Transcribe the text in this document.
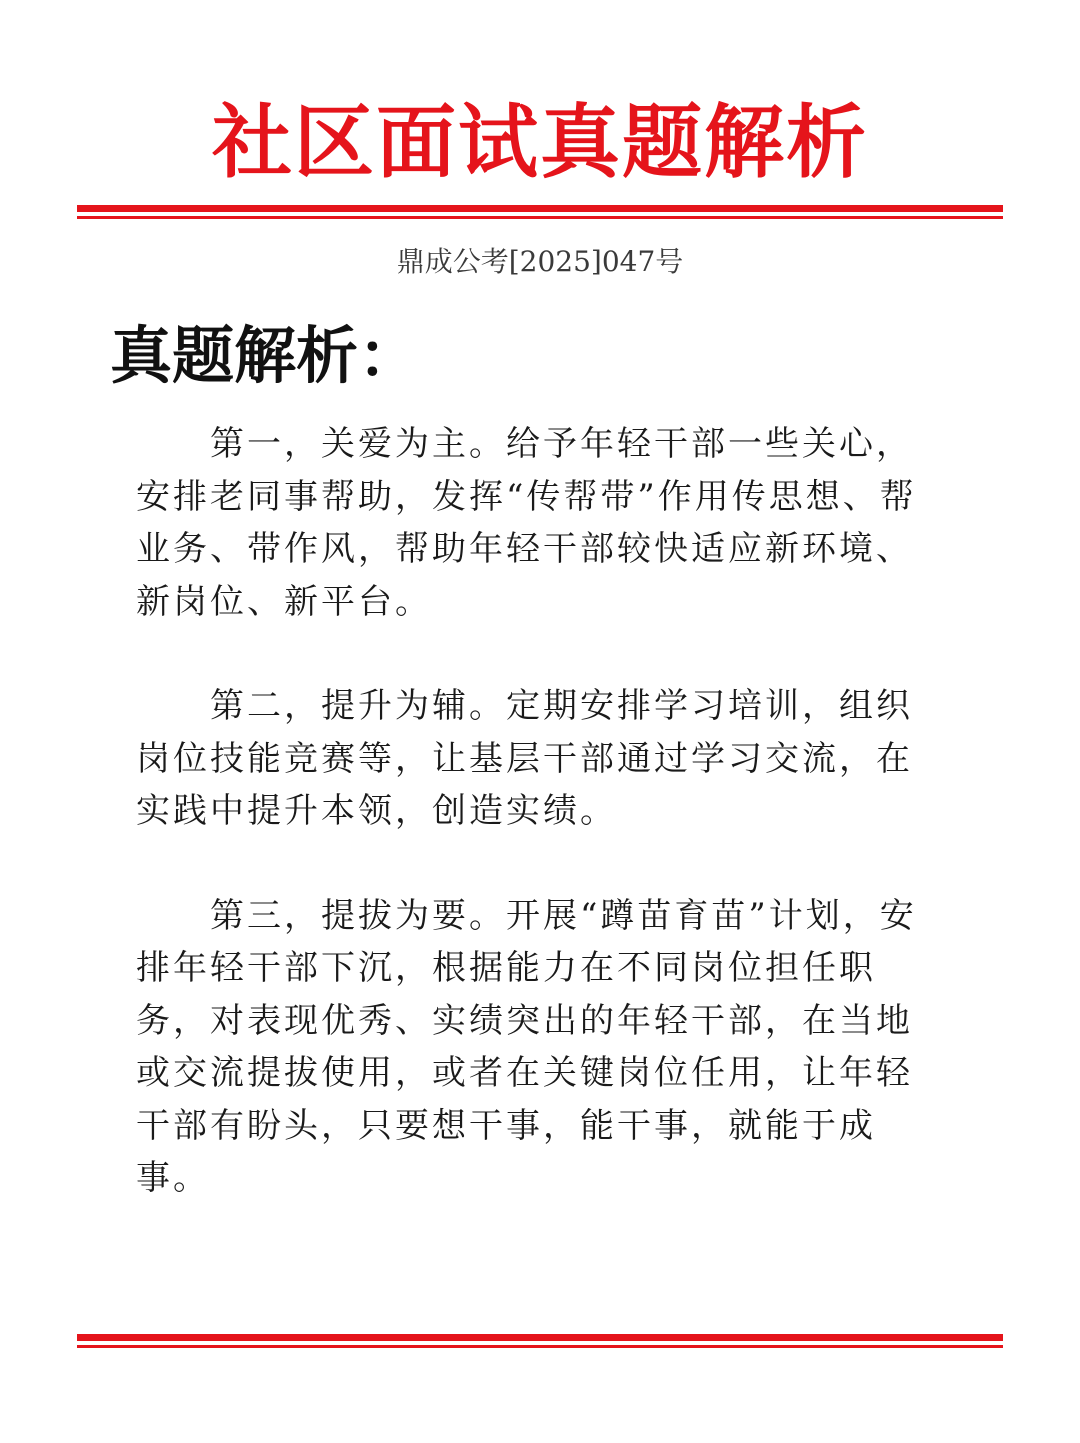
社区面试真题解析
鼎成公考[2025]047号
真题解析：

第一，关爱为主。给予年轻干部一些关心，安排老同事帮助，发挥“传帮带”作用传思想、帮业务、带作风，帮助年轻干部较快适应新环境、新岗位、新平台。

第二，提升为辅。定期安排学习培训，组织岗位技能竞赛等，让基层干部通过学习交流，在实践中提升本领，创造实绩。

第三，提拔为要。开展“蹲苗育苗”计划，安排年轻干部下沉，根据能力在不同岗位担任职务，对表现优秀、实绩突出的年轻干部，在当地或交流提拔使用，或者在关键岗位任用，让年轻干部有盼头，只要想干事，能干事，就能于成事。
